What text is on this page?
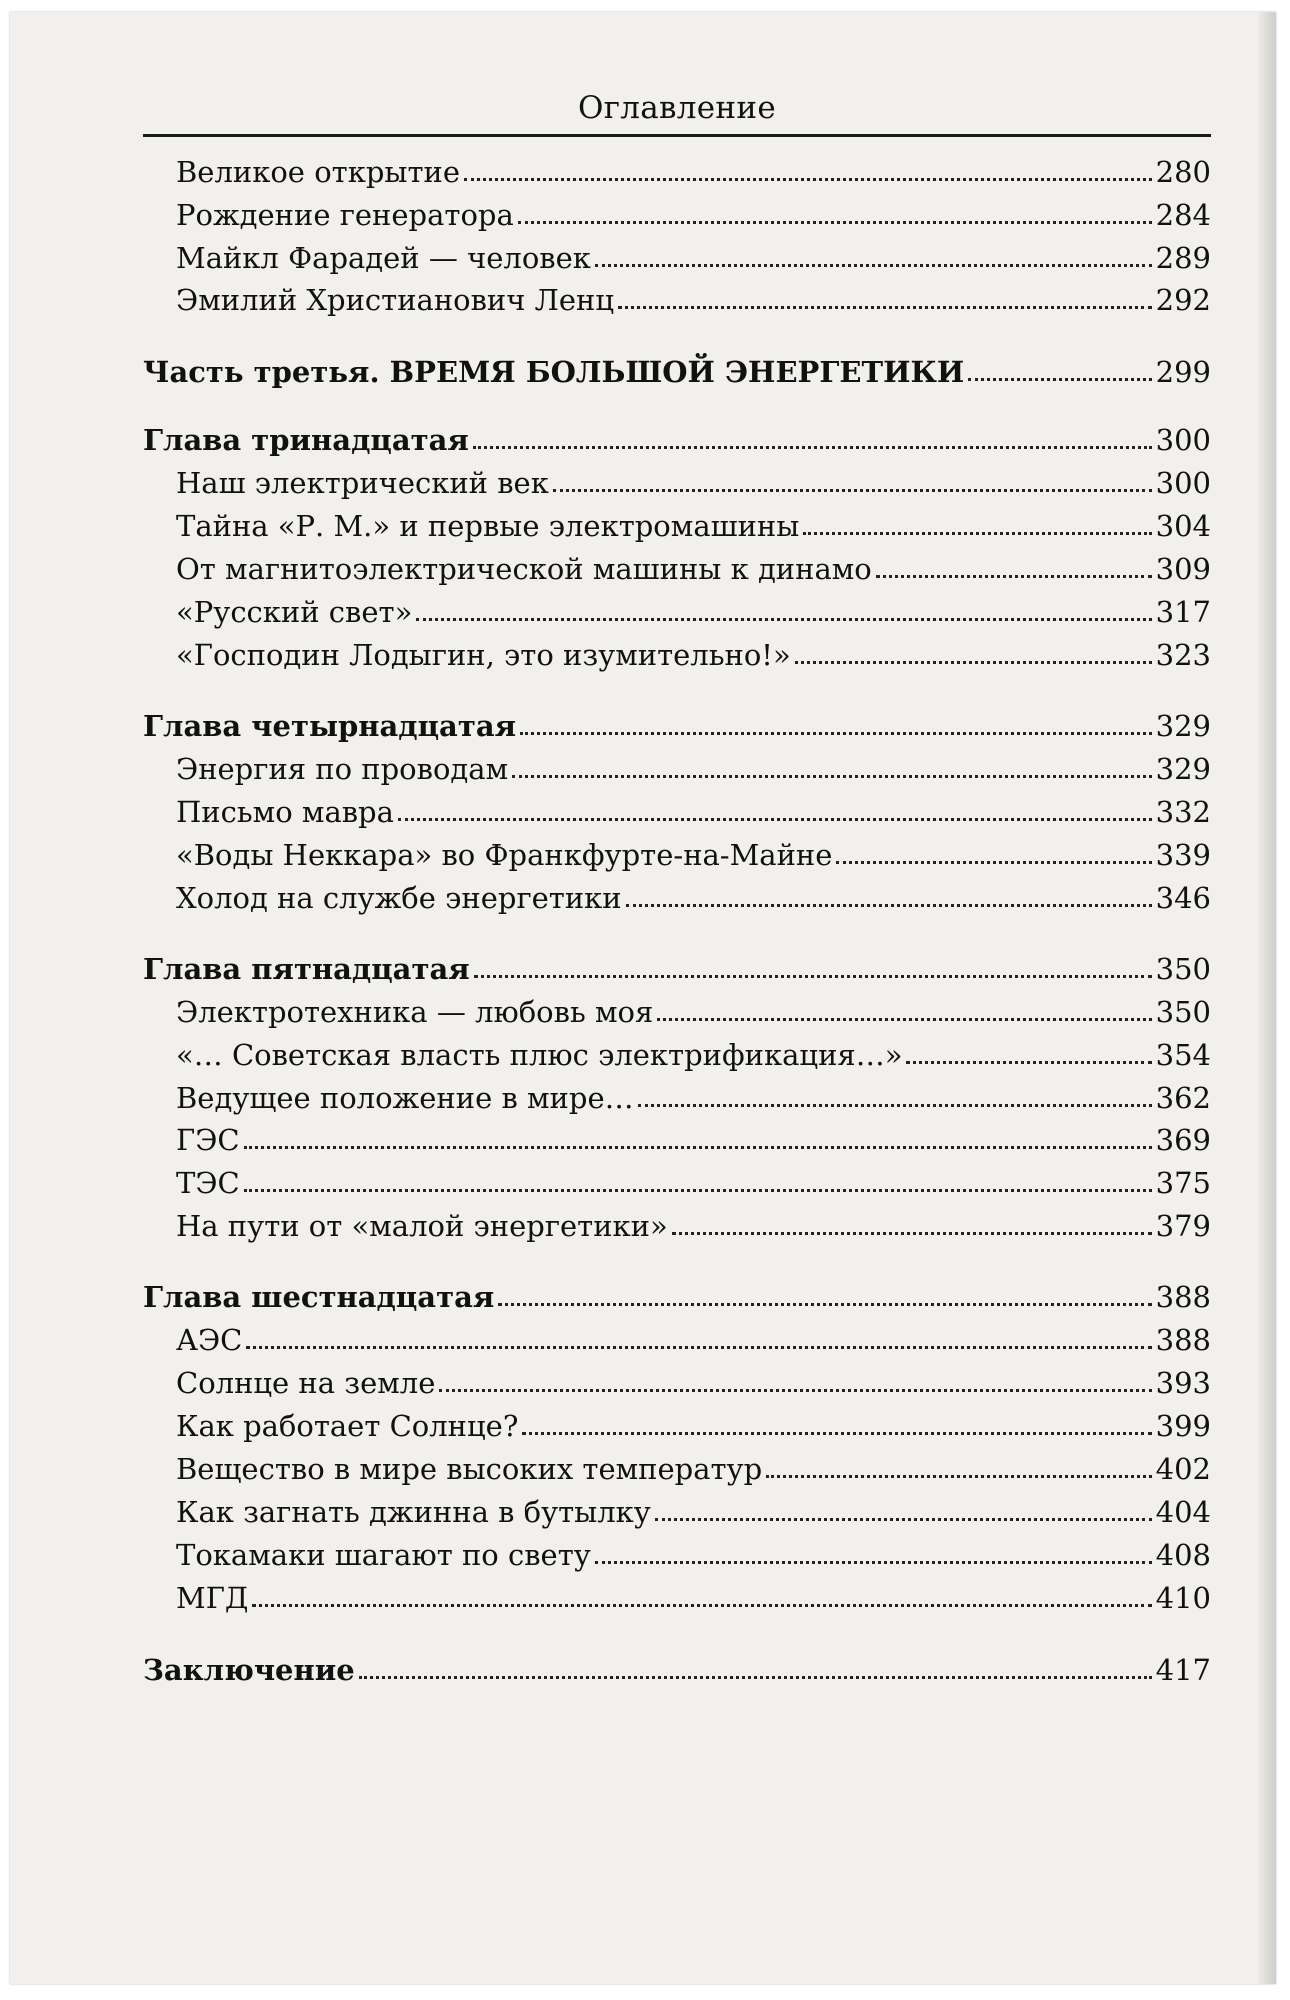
Оглавление
Великое открытие	280
Рождение генератора	284
Майкл Фарадей — человек	289
Эмилий Христианович Ленц	292
Часть третья. ВРЕМЯ БОЛЬШОЙ ЭНЕРГЕТИКИ	299
Глава тринадцатая	300
Наш электрический век	300
Тайна «Р. М.» и первые электромашины	304
От магнитоэлектрической машины к динамо	309
«Русский свет»	317
«Господин Лодыгин, это изумительно!»	323
Глава четырнадцатая	329
Энергия по проводам	329
Письмо мавра	332
«Воды Неккара» во Франкфурте-на-Майне	339
Холод на службе энергетики	346
Глава пятнадцатая	350
Электротехника — любовь моя	350
«… Советская власть плюс электрификация…»	354
Ведущее положение в мире…	362
ГЭС	369
ТЭС	375
На пути от «малой энергетики»	379
Глава шестнадцатая	388
АЭС	388
Солнце на земле	393
Как работает Солнце?	399
Вещество в мире высоких температур	402
Как загнать джинна в бутылку	404
Токамаки шагают по свету	408
МГД	410
Заключение	417
